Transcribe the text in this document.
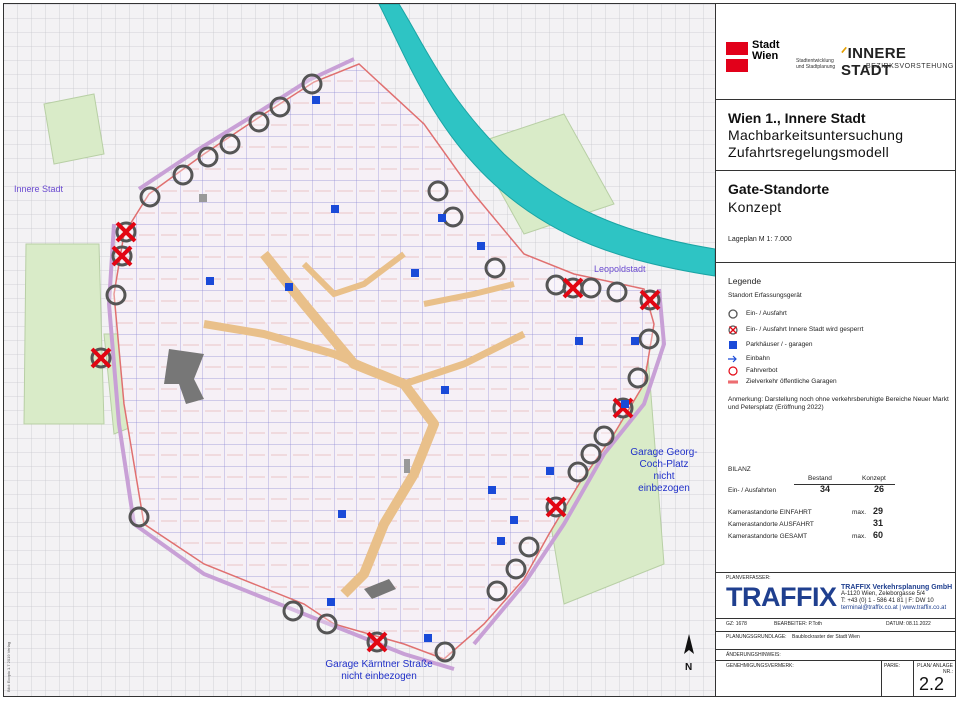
Innere Stadt
Leopoldstadt
Bild: Ecopix 1.7 2019 Verlag	N
Garage Georg-
Coch-Platz
nicht
einbezogen
Garage Kärntner Straße
nicht einbezogen
Stadt
Wien	Stadtentwicklung und Stadtplanung
ᐟINNERE STADT
BEZIRKSVORSTEHUNG
Wien 1., Innere Stadt
Machbarkeitsuntersuchung
Zufahrtsregelungsmodell
Gate-Standorte
Konzept
Lageplan M 1: 7.000
Legende
Standort Erfassungsgerät
Ein- / Ausfahrt
Ein- / Ausfahrt Innere Stadt wird gesperrt
Parkhäuser / - garagen
Einbahn
Fahrverbot
Zielverkehr öffentliche Garagen
Anmerkung: Darstellung noch ohne verkehrsberuhigte Bereiche Neuer Markt und Petersplatz (Eröffnung 2022)
BILANZ
Bestand	Konzept
Ein- / Ausfahrten	34	26
Kamerastandorte EINFAHRT	max. 29
Kamerastandorte AUSFAHRT	31
Kamerastandorte GESAMT	max. 60
PLANVERFASSER:
TRAFFIX TRAFFIX Verkehrsplanung GmbH
A-1120 Wien, Zeleborgasse 5/4
T: +43 (0) 1 - 586 41 81 | F: DW 10
terminal@traffix.co.at | www.traffix.co.at
GZ: 1678	BEARBEITER: P.Toth	DATUM: 08.11.2022
PLANUNGSGRUNDLAGE: Baublockraster der Stadt Wien
ÄNDERUNGSHINWEIS:
GENEHMIGUNGSVERMERK:	PARIE:	PLAN/ ANLAGE NR.:
2.2
